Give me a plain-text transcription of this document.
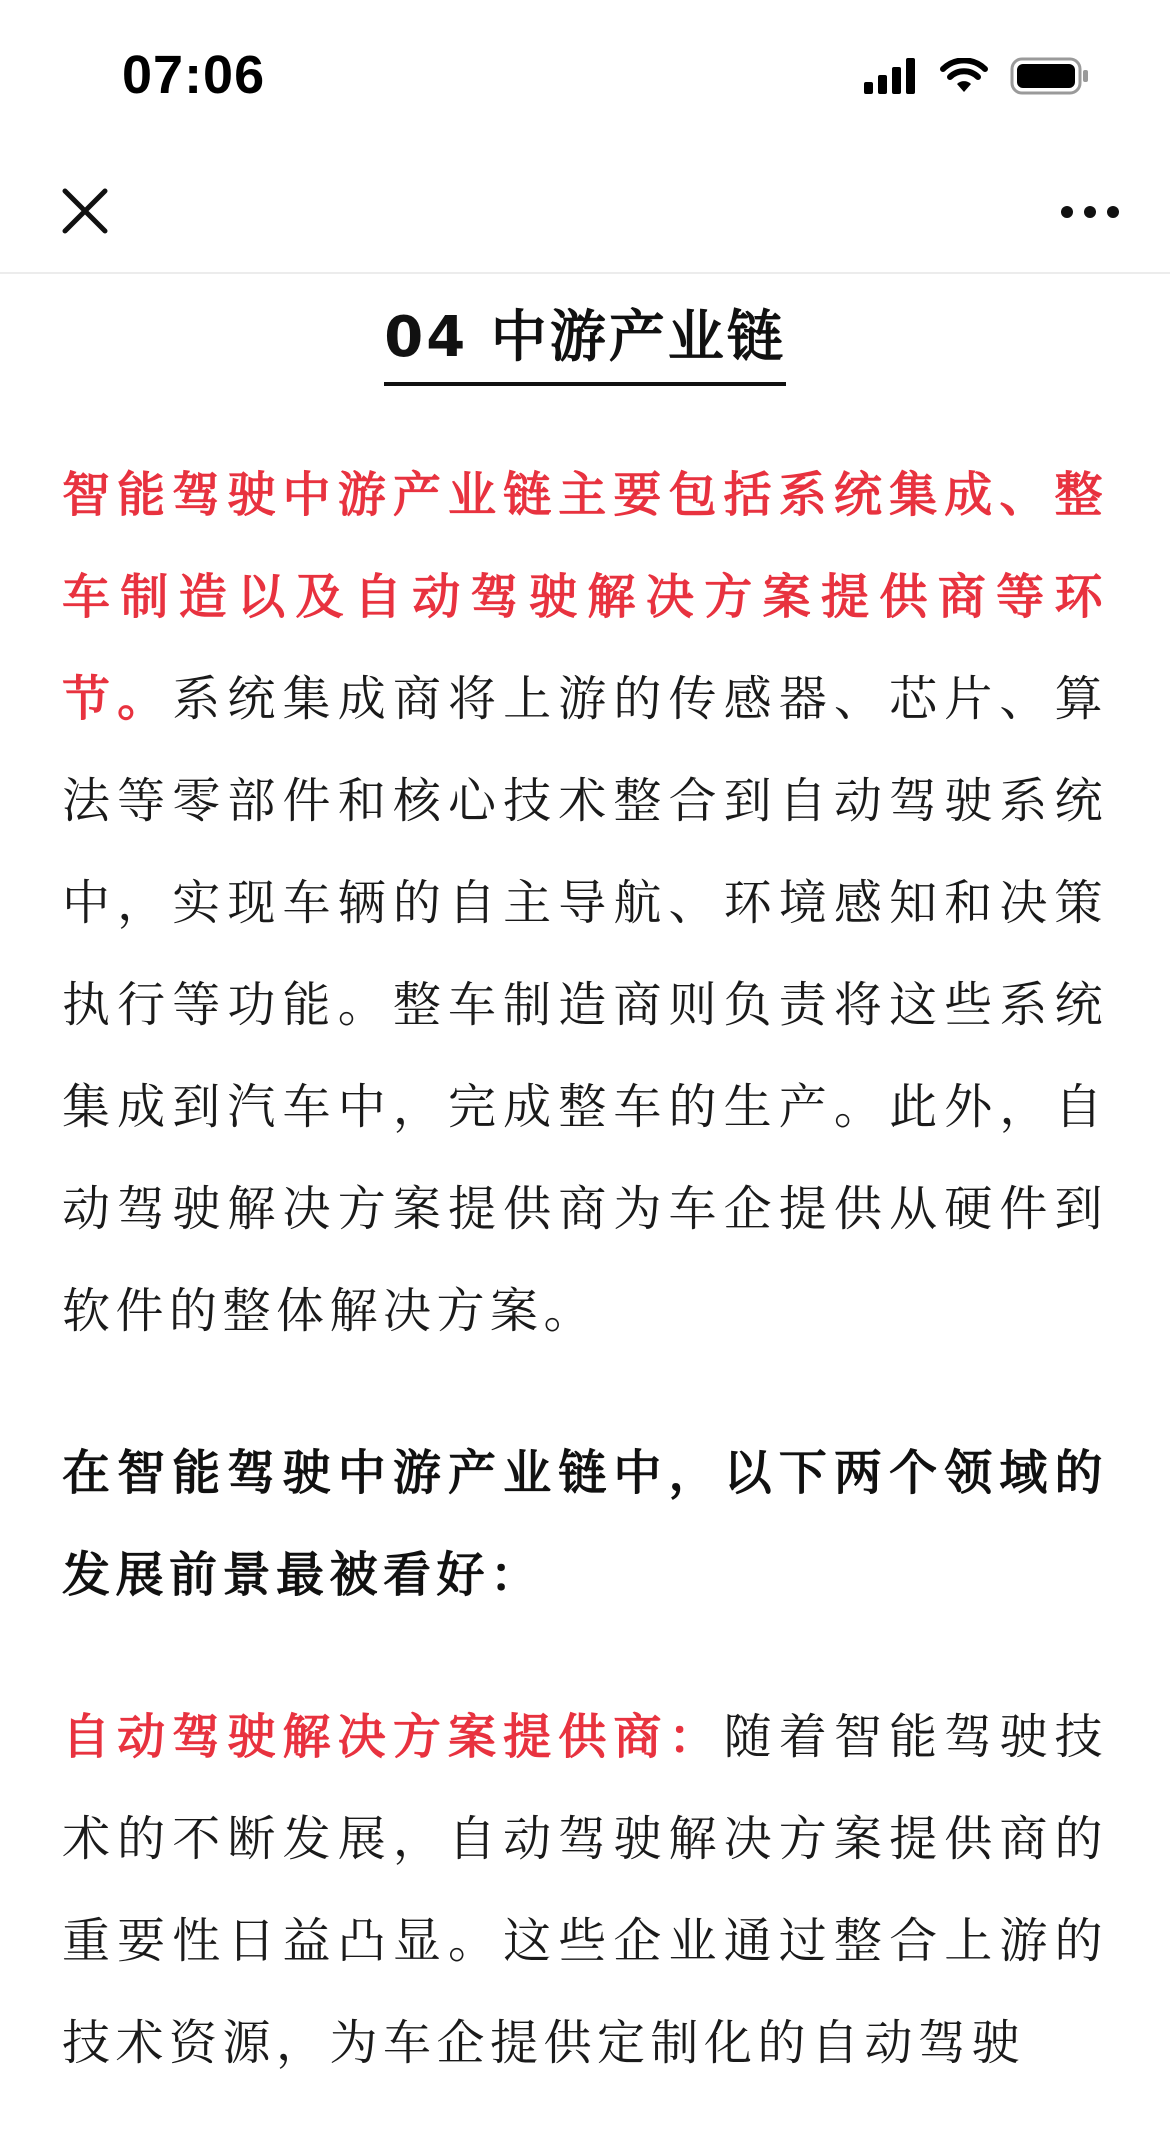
07:06
04 中游产业链

智能驾驶中游产业链主要包括系统集成、整车制造以及自动驾驶解决方案提供商等环节。系统集成商将上游的传感器、芯片、算法等零部件和核心技术整合到自动驾驶系统中，实现车辆的自主导航、环境感知和决策执行等功能。整车制造商则负责将这些系统集成到汽车中，完成整车的生产。此外，自动驾驶解决方案提供商为车企提供从硬件到软件的整体解决方案。

在智能驾驶中游产业链中，以下两个领域的发展前景最被看好：

自动驾驶解决方案提供商：随着智能驾驶技术的不断发展，自动驾驶解决方案提供商的重要性日益凸显。这些企业通过整合上游的技术资源，为车企提供定制化的自动驾驶
